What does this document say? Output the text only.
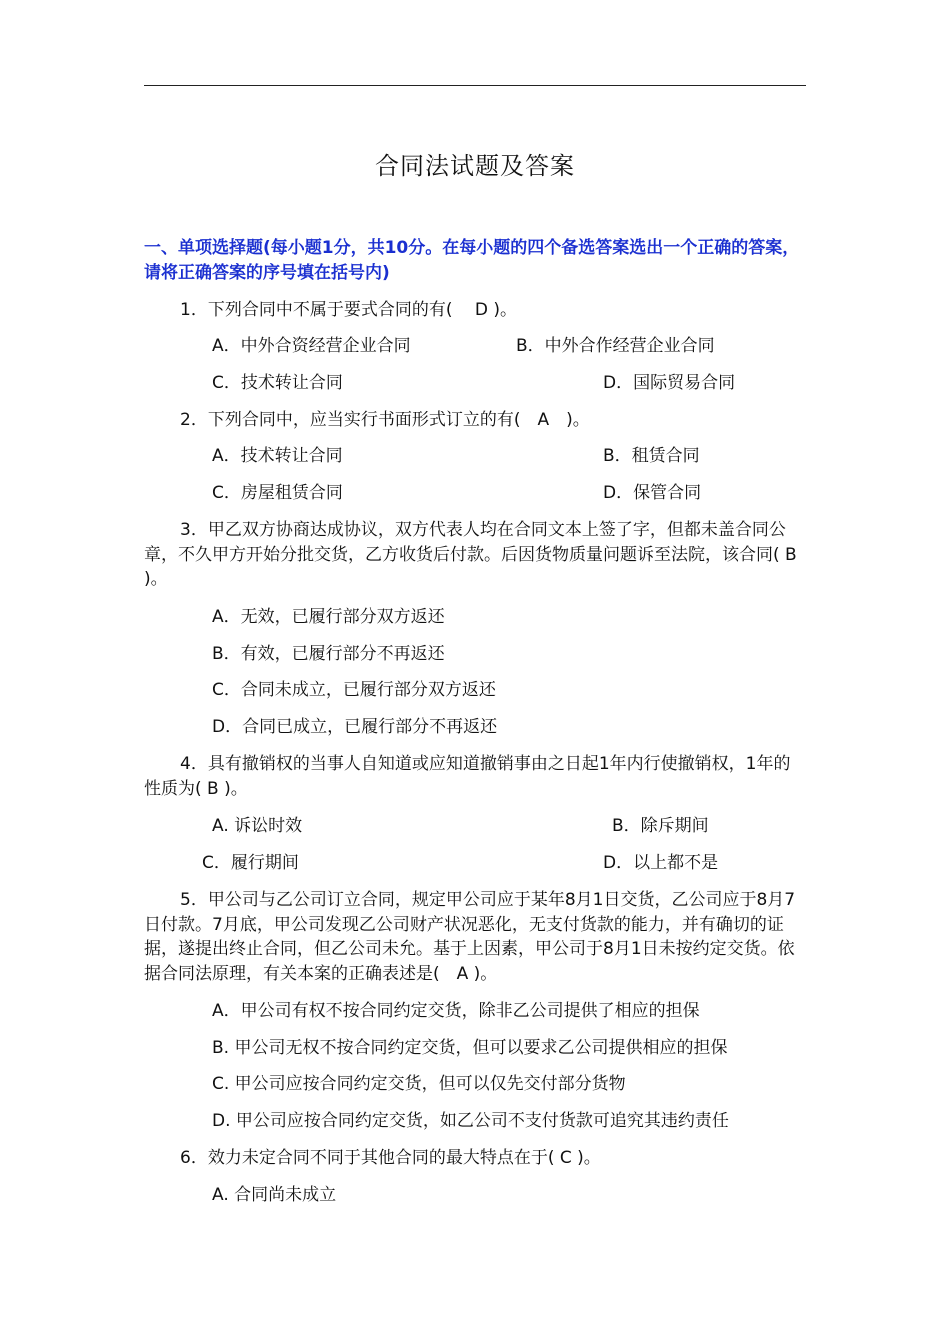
合同法试题及答案
一、单项选择题(每小题1分，共10分。在每小题的四个备选答案选出一个正确的答案，请将正确答案的序号填在括号内)
1．下列合同中不属于要式合同的有(　 D )。
A．中外合资经营企业合同	B．中外合作经营企业合同
C．技术转让合同	D．国际贸易合同
2．下列合同中，应当实行书面形式订立的有(　A　)。
A．技术转让合同	B．租赁合同
C．房屋租赁合同	D．保管合同
3．甲乙双方协商达成协议，双方代表人均在合同文本上签了字，但都未盖合同公章，不久甲方开始分批交货，乙方收货后付款。后因货物质量问题诉至法院，该合同( B )。
A．无效，已履行部分双方返还
B．有效，已履行部分不再返还
C．合同未成立，已履行部分双方返还
D．合同已成立，已履行部分不再返还
4．具有撤销权的当事人自知道或应知道撤销事由之日起1年内行使撤销权，1年的性质为( B )。
A. 诉讼时效	B．除斥期间
C．履行期间	D．以上都不是
5．甲公司与乙公司订立合同，规定甲公司应于某年8月1日交货，乙公司应于8月7日付款。7月底，甲公司发现乙公司财产状况恶化，无支付货款的能力，并有确切的证据，遂提出终止合同，但乙公司未允。基于上因素，甲公司于8月1日未按约定交货。依据合同法原理，有关本案的正确表述是(　A )。
A．甲公司有权不按合同约定交货，除非乙公司提供了相应的担保
B. 甲公司无权不按合同约定交货，但可以要求乙公司提供相应的担保
C. 甲公司应按合同约定交货，但可以仅先交付部分货物
D. 甲公司应按合同约定交货，如乙公司不支付货款可追究其违约责任
6．效力未定合同不同于其他合同的最大特点在于( C )。
A. 合同尚未成立
